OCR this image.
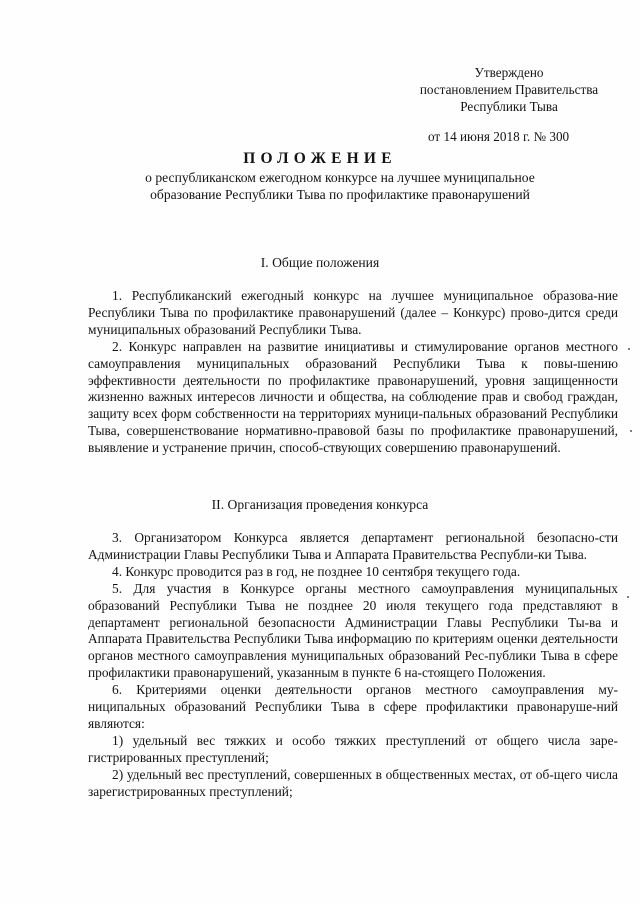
Утверждено
постановлением Правительства
Республики Тыва
от 14 июня 2018 г. № 300
ПОЛОЖЕНИЕ
о республиканском ежегодном конкурсе на лучшее муниципальное образование Республики Тыва по профилактике правонарушений
I. Общие положения

1. Республиканский ежегодный конкурс на лучшее муниципальное образова-ние Республики Тыва по профилактике правонарушений (далее – Конкурс) прово-дится среди муниципальных образований Республики Тыва.

2. Конкурс направлен на развитие инициативы и стимулирование органов местного самоуправления муниципальных образований Республики Тыва к повы-шению эффективности деятельности по профилактике правонарушений, уровня защищенности жизненно важных интересов личности и общества, на соблюдение прав и свобод граждан, защиту всех форм собственности на территориях муници-пальных образований Республики Тыва, совершенствование нормативно-правовой базы по профилактике правонарушений, выявление и устранение причин, способ-ствующих совершению правонарушений.

II. Организация проведения конкурса

3. Организатором Конкурса является департамент региональной безопасно-сти Администрации Главы Республики Тыва и Аппарата Правительства Республи-ки Тыва.

4. Конкурс проводится раз в год, не позднее 10 сентября текущего года.

5. Для участия в Конкурсе органы местного самоуправления муниципальных образований Республики Тыва не позднее 20 июля текущего года представляют в департамент региональной безопасности Администрации Главы Республики Ты-ва и Аппарата Правительства Республики Тыва информацию по критериям оценки деятельности органов местного самоуправления муниципальных образований Рес-публики Тыва в сфере профилактики правонарушений, указанным в пункте 6 на-стоящего Положения.

6. Критериями оценки деятельности органов местного самоуправления му-ниципальных образований Республики Тыва в сфере профилактики правонаруше-ний являются:

1) удельный вес тяжких и особо тяжких преступлений от общего числа заре-гистрированных преступлений;

2) удельный вес преступлений, совершенных в общественных местах, от об-щего числа зарегистрированных преступлений;
